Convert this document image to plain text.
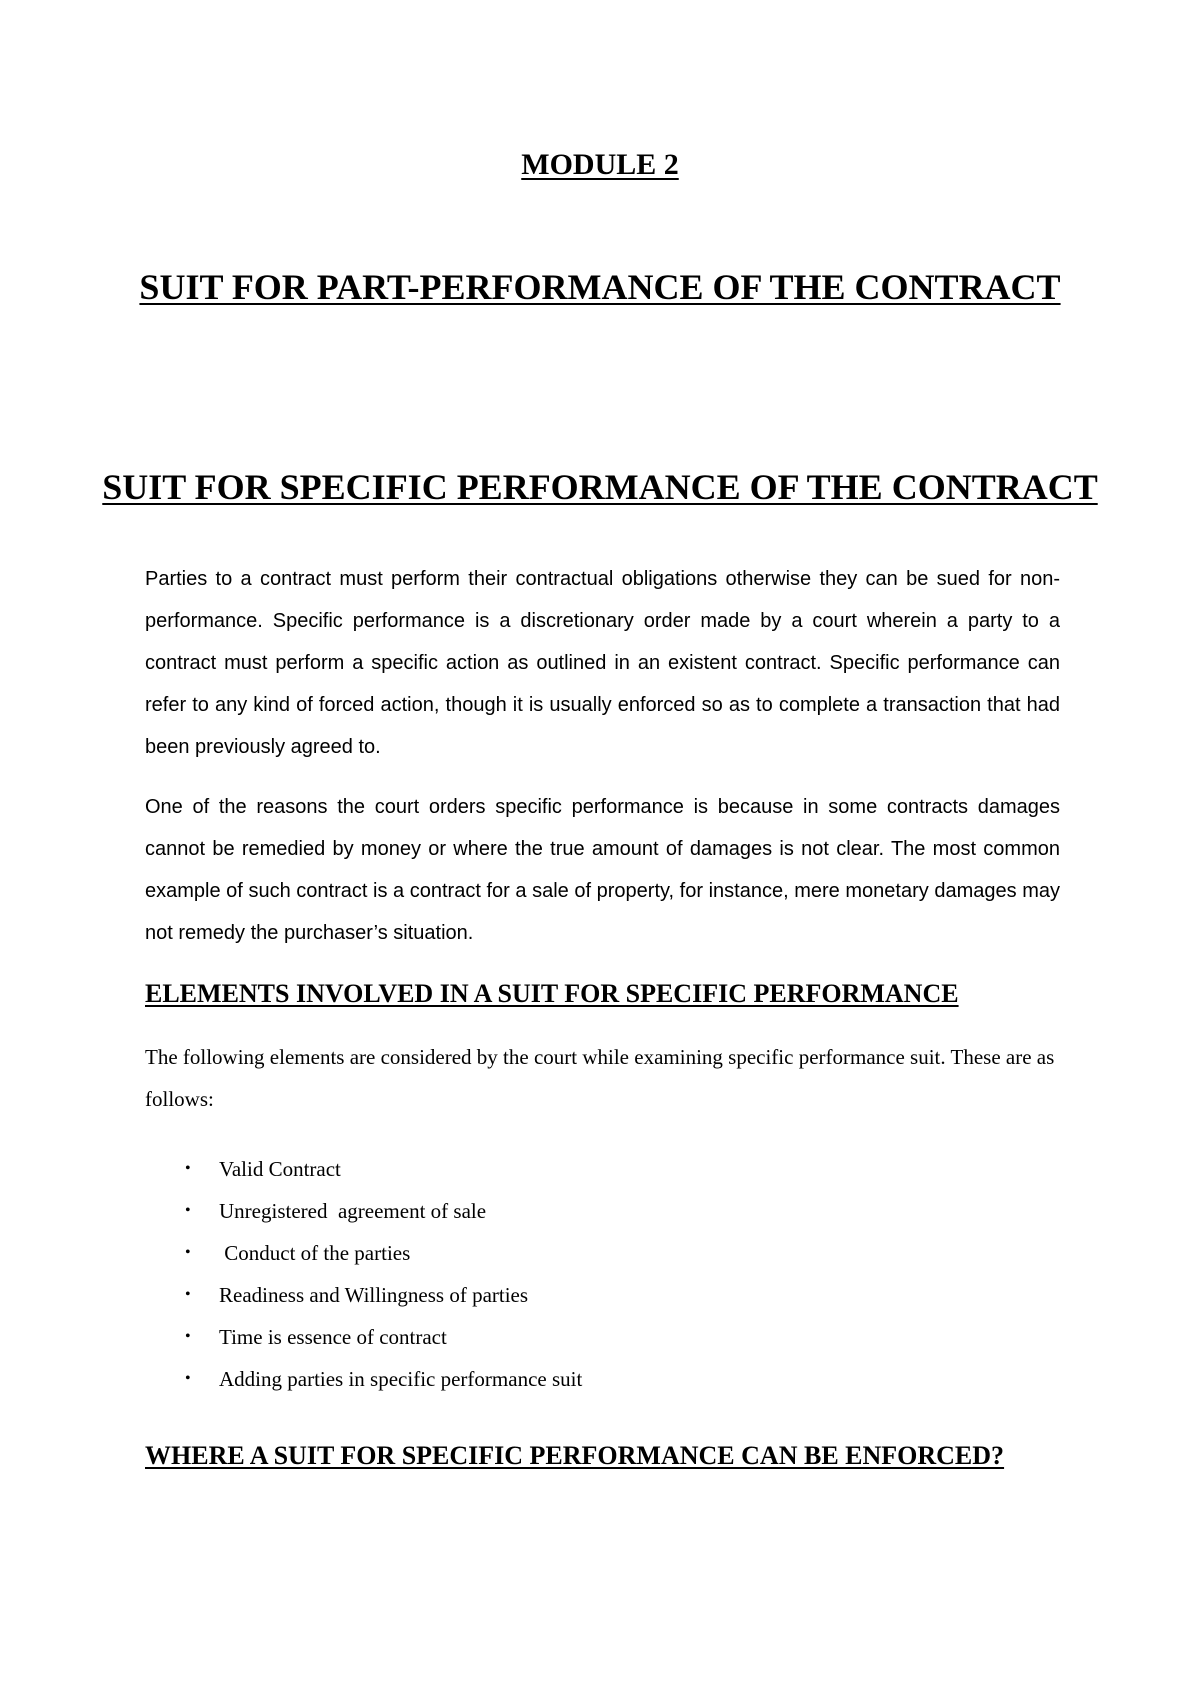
MODULE 2
SUIT FOR PART-PERFORMANCE OF THE CONTRACT
SUIT FOR SPECIFIC PERFORMANCE OF THE CONTRACT

Parties to a contract must perform their contractual obligations otherwise they can be sued for non-performance. Specific performance is a discretionary order made by a court wherein a party to a contract must perform a specific action as outlined in an existent contract. Specific performance can refer to any kind of forced action, though it is usually enforced so as to complete a transaction that had been previously agreed to.

One of the reasons the court orders specific performance is because in some contracts damages cannot be remedied by money or where the true amount of damages is not clear. The most common example of such contract is a contract for a sale of property, for instance, mere monetary damages may not remedy the purchaser’s situation.

ELEMENTS INVOLVED IN A SUIT FOR SPECIFIC PERFORMANCE

The following elements are considered by the court while examining specific performance suit. These are as follows:

• Valid Contract
• Unregistered  agreement of sale
• Conduct of the parties
• Readiness and Willingness of parties
• Time is essence of contract
• Adding parties in specific performance suit
WHERE A SUIT FOR SPECIFIC PERFORMANCE CAN BE ENFORCED?
